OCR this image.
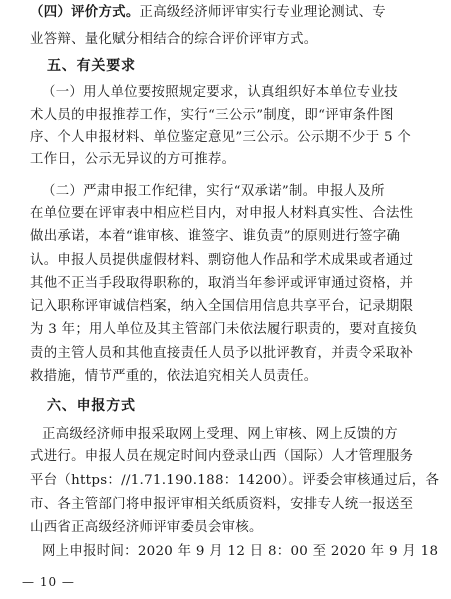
（四）评价方式。正高级经济师评审实行专业理论测试、专
业答辩、量化赋分相结合的综合评价评审方式。
五、有关要求
（一）用人单位要按照规定要求，认真组织好本单位专业技
术人员的申报推荐工作，实行“三公示”制度，即“评审条件图
序、个人申报材料、单位鉴定意见”三公示。公示期不少于 5 个
工作日，公示无异议的方可推荐。
（二）严肃申报工作纪律，实行“双承诺”制。申报人及所
在单位要在评审表中相应栏目内，对申报人材料真实性、合法性
做出承诺，本着“谁审核、谁签字、谁负责”的原则进行签字确
认。申报人员提供虚假材料、剽窃他人作品和学术成果或者通过
其他不正当手段取得职称的，取消当年参评或评审通过资格，并
记入职称评审诚信档案，纳入全国信用信息共享平台，记录期限
为 3 年；用人单位及其主管部门未依法履行职责的，要对直接负
责的主管人员和其他直接责任人员予以批评教育，并责令采取补
救措施，情节严重的，依法追究相关人员责任。
六、申报方式
正高级经济师申报采取网上受理、网上审核、网上反馈的方
式进行。申报人员在规定时间内登录山西（国际）人才管理服务
平台（https：//1.71.190.188：14200）。评委会审核通过后，各
市、各主管部门将申报评审相关纸质资料，安排专人统一报送至
山西省正高级经济师评审委员会审核。
网上申报时间：2020 年 9 月 12 日 8：00 至 2020 年 9 月 18
— 10 —
